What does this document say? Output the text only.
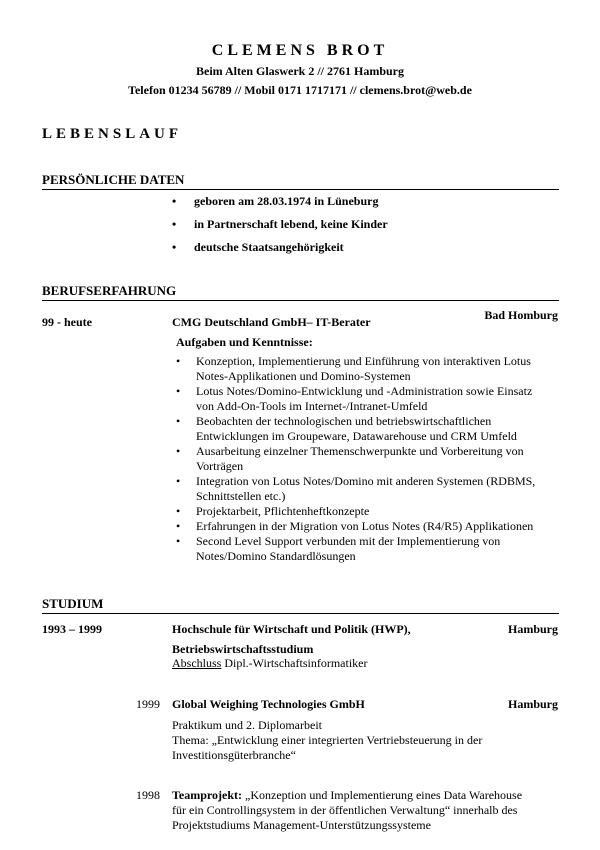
CLEMENS BROT
Beim Alten Glaswerk 2 // 2761 Hamburg
Telefon 01234 56789 // Mobil 0171 1717171 // clemens.brot@web.de
LEBENSLAUF
PERSÖNLICHE DATEN
• geboren am 28.03.1974 in Lüneburg
• in Partnerschaft lebend, keine Kinder
• deutsche Staatsangehörigkeit
BERUFSERFAHRUNG
99 - heute	CMG Deutschland GmbH– IT-Berater	Bad Homburg
Aufgaben und Kenntnisse:
• Konzeption, Implementierung und Einführung von interaktiven Lotus Notes-Applikationen und Domino-Systemen
• Lotus Notes/Domino-Entwicklung und -Administration sowie Einsatz von Add-On-Tools im Internet-/Intranet-Umfeld
• Beobachten der technologischen und betriebswirtschaftlichen Entwicklungen im Groupeware, Datawarehouse und CRM Umfeld
• Ausarbeitung einzelner Themenschwerpunkte und Vorbereitung von Vorträgen
• Integration von Lotus Notes/Domino mit anderen Systemen (RDBMS, Schnittstellen etc.)
• Projektarbeit, Pflichtenheftkonzepte
• Erfahrungen in der Migration von Lotus Notes (R4/R5) Applikationen
• Second Level Support verbunden mit der Implementierung von Notes/Domino Standardlösungen
STUDIUM
1993 – 1999	Hochschule für Wirtschaft und Politik (HWP),	Hamburg
Betriebswirtschaftsstudium
Abschluss Dipl.-Wirtschaftsinformatiker
1999 Global Weighing Technologies GmbH	Hamburg
Praktikum und 2. Diplomarbeit
Thema: „Entwicklung einer integrierten Vertriebsteuerung in der
Investitionsgüterbranche“
1998 Teamprojekt: „Konzeption und Implementierung eines Data Warehouse
für ein Controllingsystem in der öffentlichen Verwaltung“ innerhalb des
Projektstudiums Management-Unterstützungssysteme
